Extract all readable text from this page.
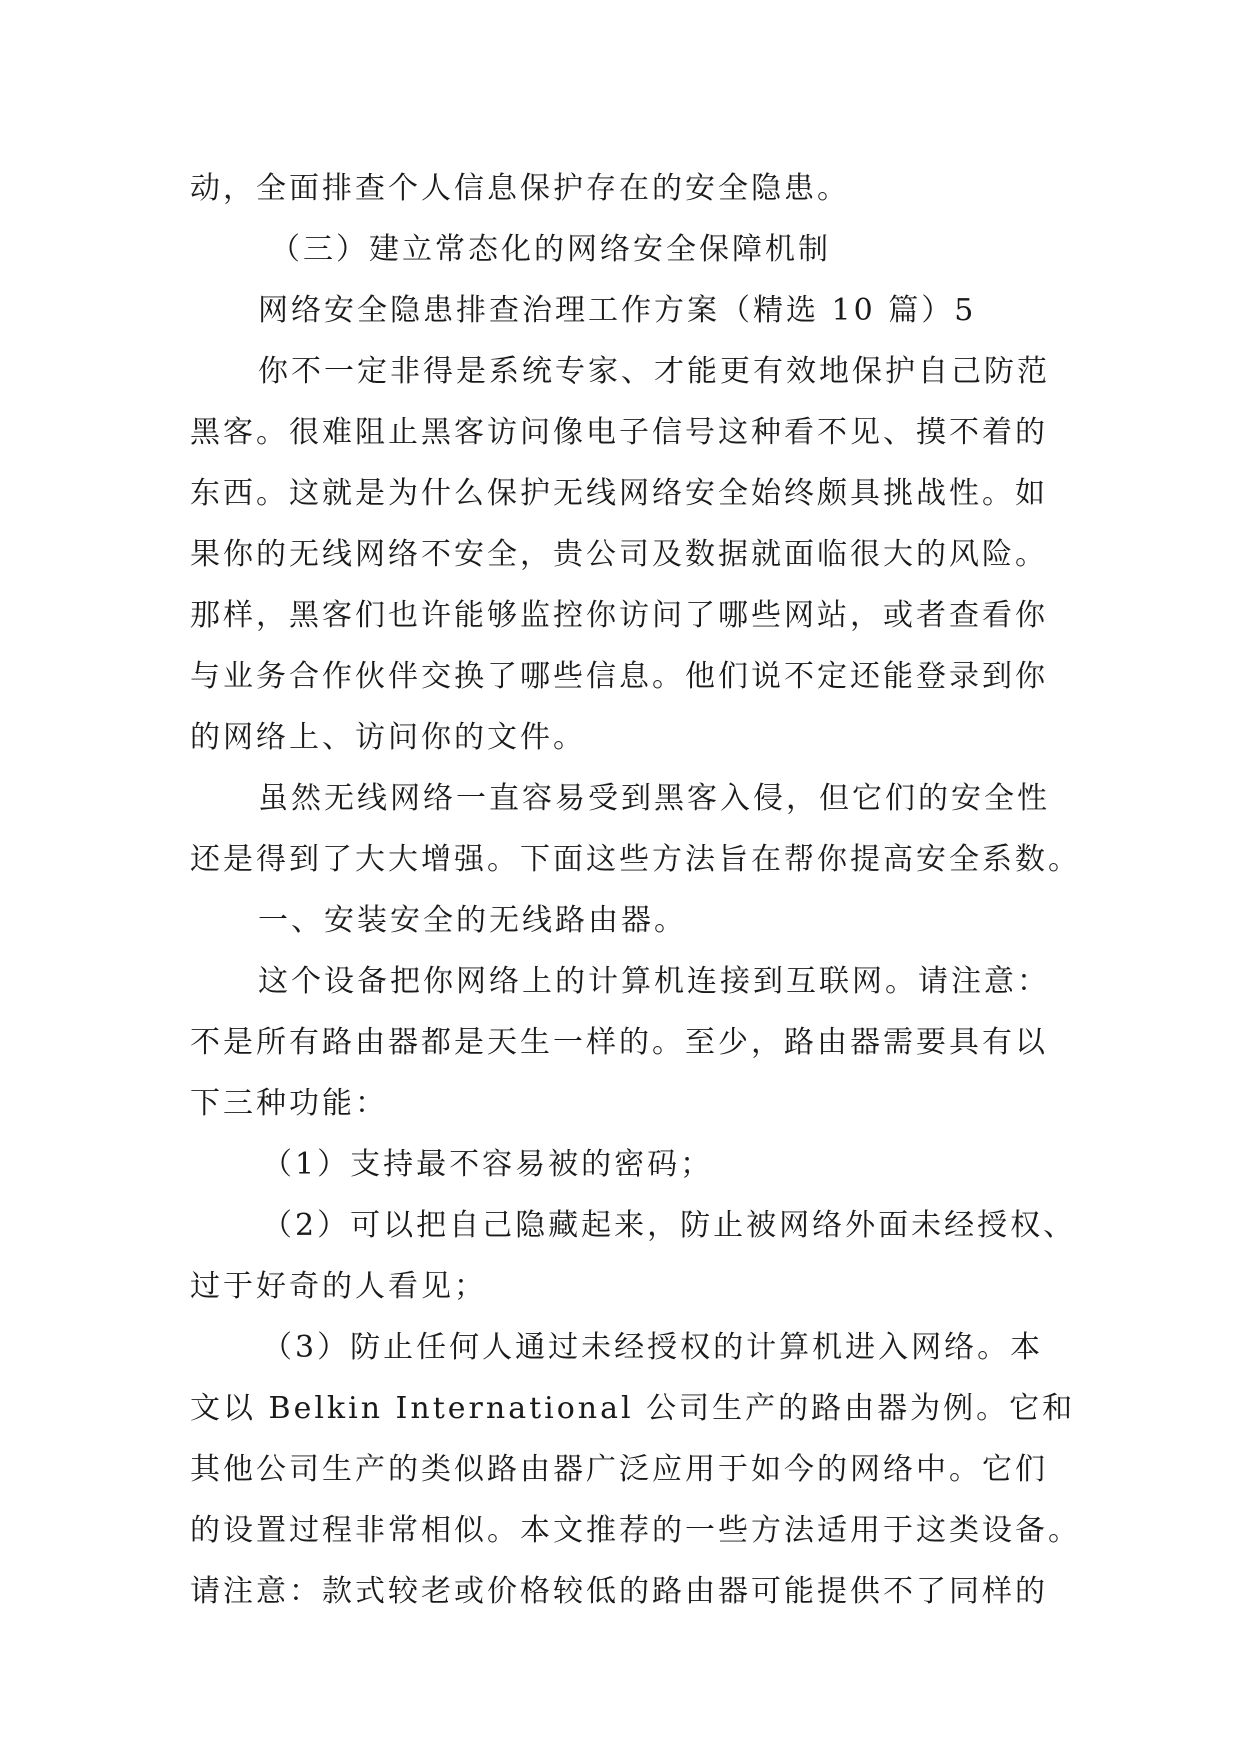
动，全面排查个人信息保护存在的安全隐患。
（三）建立常态化的网络安全保障机制
网络安全隐患排查治理工作方案（精选 10 篇）5
你不一定非得是系统专家、才能更有效地保护自己防范
黑客。很难阻止黑客访问像电子信号这种看不见、摸不着的
东西。这就是为什么保护无线网络安全始终颇具挑战性。如
果你的无线网络不安全，贵公司及数据就面临很大的风险。
那样，黑客们也许能够监控你访问了哪些网站，或者查看你
与业务合作伙伴交换了哪些信息。他们说不定还能登录到你
的网络上、访问你的文件。
虽然无线网络一直容易受到黑客入侵，但它们的安全性
还是得到了大大增强。下面这些方法旨在帮你提高安全系数。
一、安装安全的无线路由器。
这个设备把你网络上的计算机连接到互联网。请注意：
不是所有路由器都是天生一样的。至少，路由器需要具有以
下三种功能：
（1）支持最不容易被的密码；
（2）可以把自己隐藏起来，防止被网络外面未经授权、
过于好奇的人看见；
（3）防止任何人通过未经授权的计算机进入网络。本
文以 Belkin International 公司生产的路由器为例。它和
其他公司生产的类似路由器广泛应用于如今的网络中。它们
的设置过程非常相似。本文推荐的一些方法适用于这类设备。
请注意：款式较老或价格较低的路由器可能提供不了同样的
